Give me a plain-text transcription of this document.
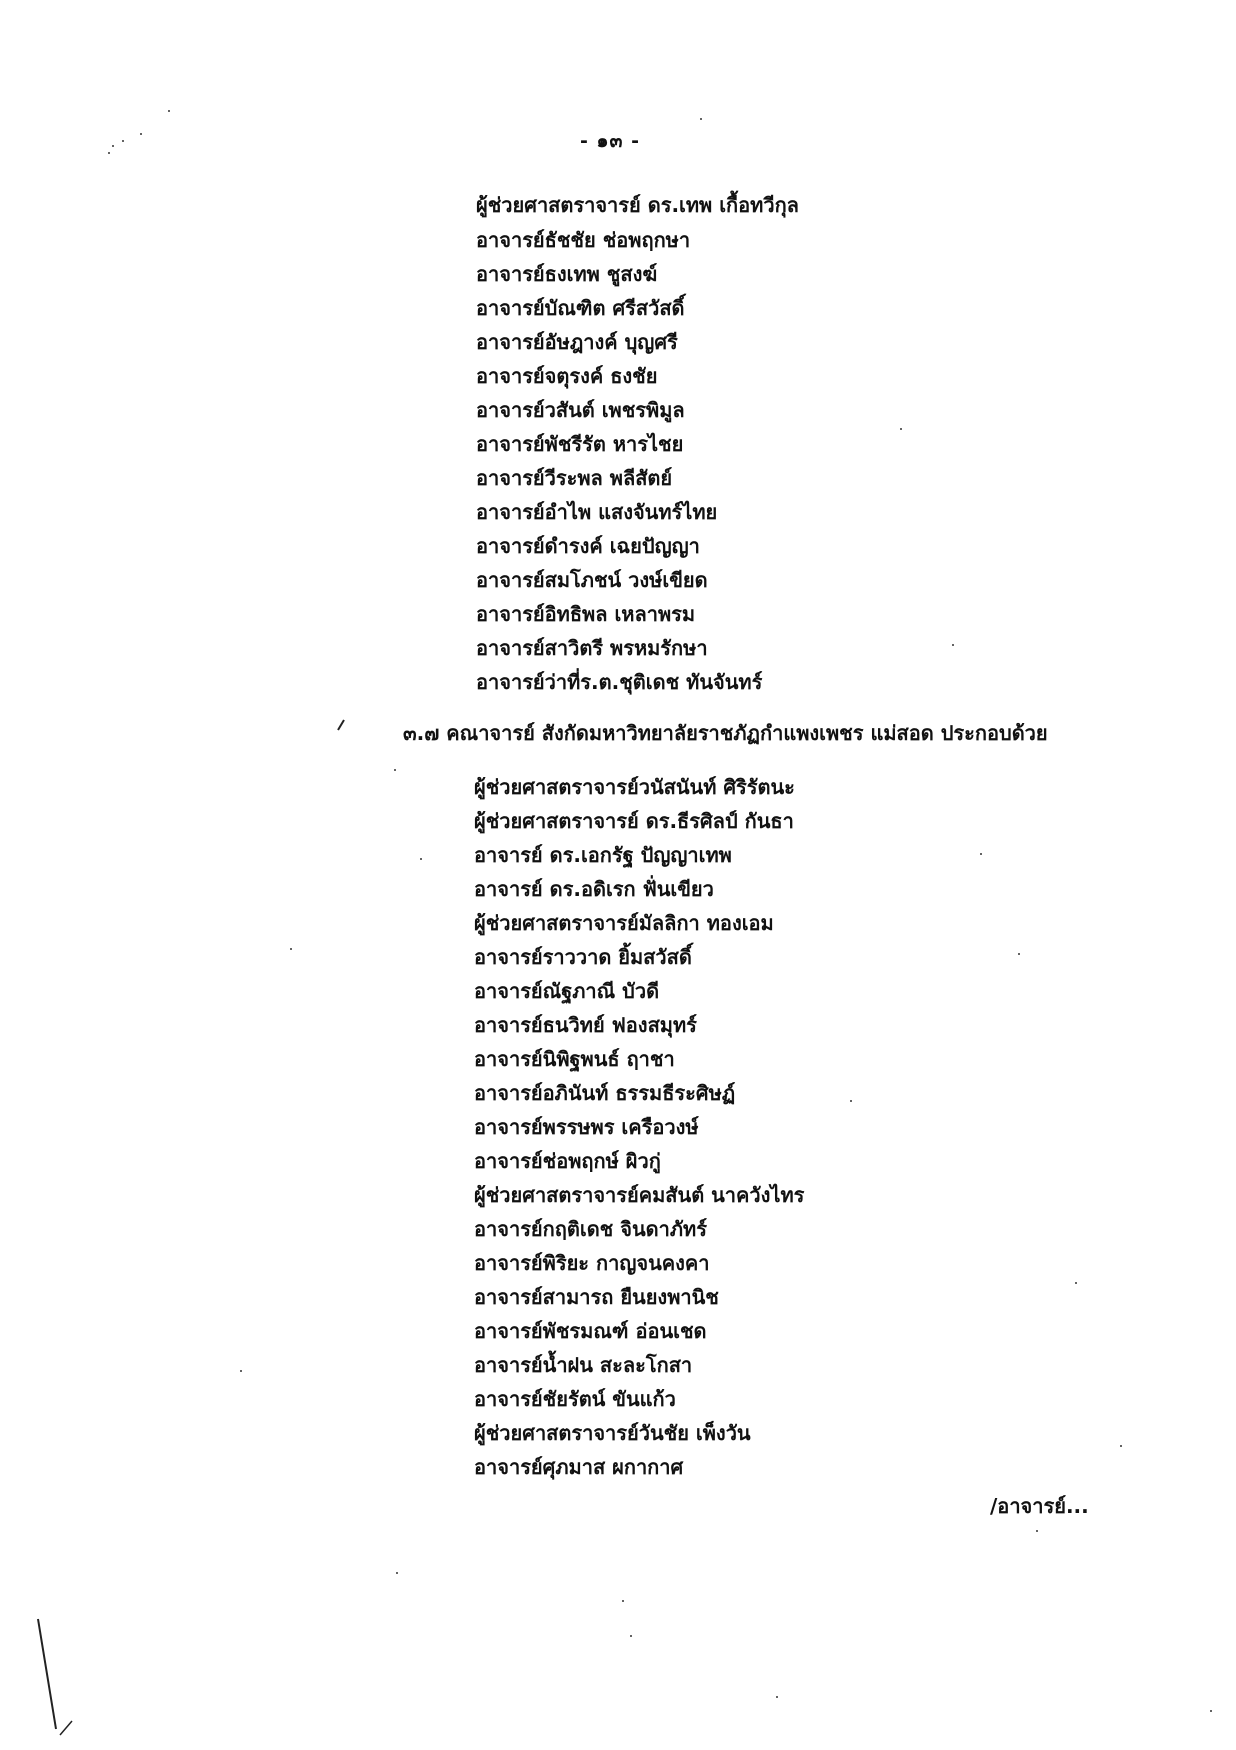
- ๑๓ -
ผู้ช่วยศาสตราจารย์ ดร.เทพ เกื้อทวีกุล
อาจารย์ธัชชัย ช่อพฤกษา
อาจารย์ธงเทพ ชูสงฆ์
อาจารย์บัณฑิต ศรีสวัสดิ์
อาจารย์อัษฎางค์ บุญศรี
อาจารย์จตุรงค์ ธงชัย
อาจารย์วสันต์ เพชรพิมูล
อาจารย์พัชรีรัต หารไชย
อาจารย์วีระพล พลีสัตย์
อาจารย์อำไพ แสงจันทร์ไทย
อาจารย์ดำรงค์ เฉยปัญญา
อาจารย์สมโภชน์ วงษ์เขียด
อาจารย์อิทธิพล เหลาพรม
อาจารย์สาวิตรี พรหมรักษา
อาจารย์ว่าที่ร.ต.ชุติเดช ทันจันทร์
๓.๗ คณาจารย์ สังกัดมหาวิทยาลัยราชภัฏกำแพงเพชร แม่สอด ประกอบด้วย
ผู้ช่วยศาสตราจารย์วนัสนันท์ ศิริรัตนะ
ผู้ช่วยศาสตราจารย์ ดร.ธีรศิลป์ กันธา
อาจารย์ ดร.เอกรัฐ ปัญญาเทพ
อาจารย์ ดร.อดิเรก ฟั่นเขียว
ผู้ช่วยศาสตราจารย์มัลลิกา ทองเอม
อาจารย์ราววาด ยิ้มสวัสดิ์
อาจารย์ณัฐภาณี บัวดี
อาจารย์ธนวิทย์ ฟองสมุทร์
อาจารย์นิพิฐพนธ์ ฤาชา
อาจารย์อภินันท์ ธรรมธีระศิษฏ์
อาจารย์พรรษพร เครือวงษ์
อาจารย์ช่อพฤกษ์ ผิวกู่
ผู้ช่วยศาสตราจารย์คมสันต์ นาควังไทร
อาจารย์กฤติเดช จินดาภัทร์
อาจารย์พิริยะ กาญจนคงคา
อาจารย์สามารถ ยืนยงพานิช
อาจารย์พัชรมณฑ์ อ่อนเชด
อาจารย์น้ำฝน สะละโกสา
อาจารย์ชัยรัตน์ ขันแก้ว
ผู้ช่วยศาสตราจารย์วันชัย เพ็งวัน
อาจารย์ศุภมาส ผกากาศ
/อาจารย์...
